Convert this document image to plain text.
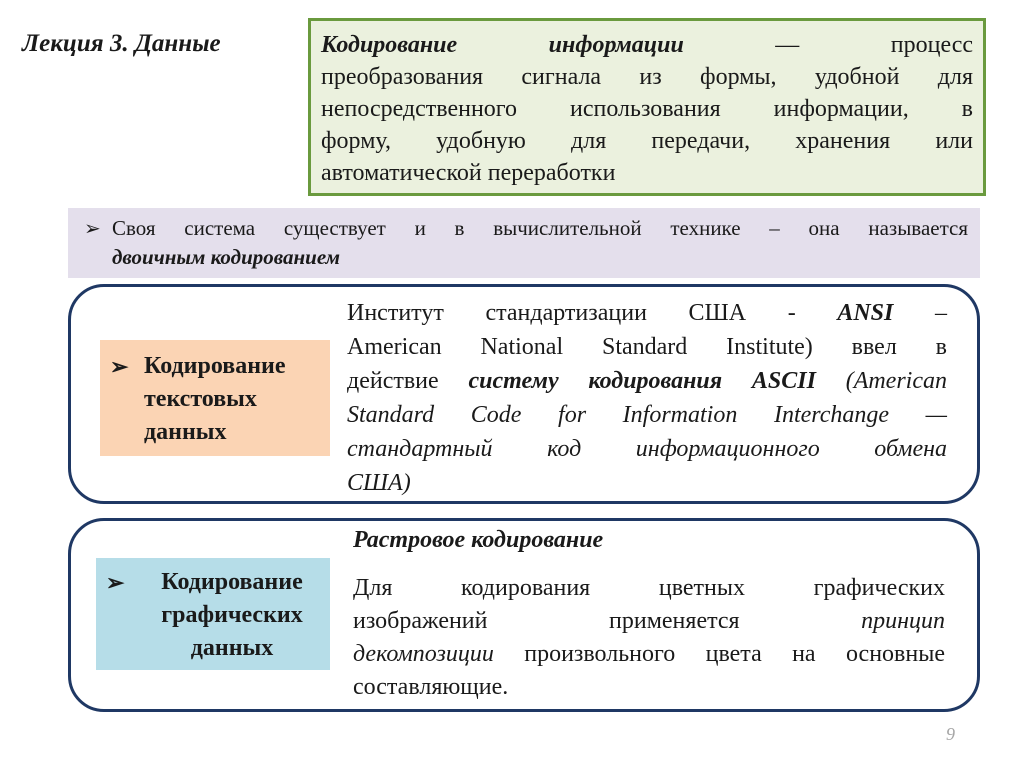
Лекция 3. Данные	Кодирование информации — процесс
преобразования сигнала из формы, удобной для
непосредственного использования информации, в
форму, удобную для передачи, хранения или
автоматической переработки
➢ Своя система существует и в вычислительной технике – она называется
двоичным кодированием
➢ Кодирование
текстовых
данных
Институт стандартизации США - ANSI –
American National Standard Institute) ввел в
действие систему кодирования ASCII (American
Standard Code for Information Interchange —
стандартный код информационного обмена
США)
➢	Кодирование
графических
данных
Растровое кодирование
Для кодирования цветных графических
изображений применяется принцип
декомпозиции произвольного цвета на основные
составляющие.
9
